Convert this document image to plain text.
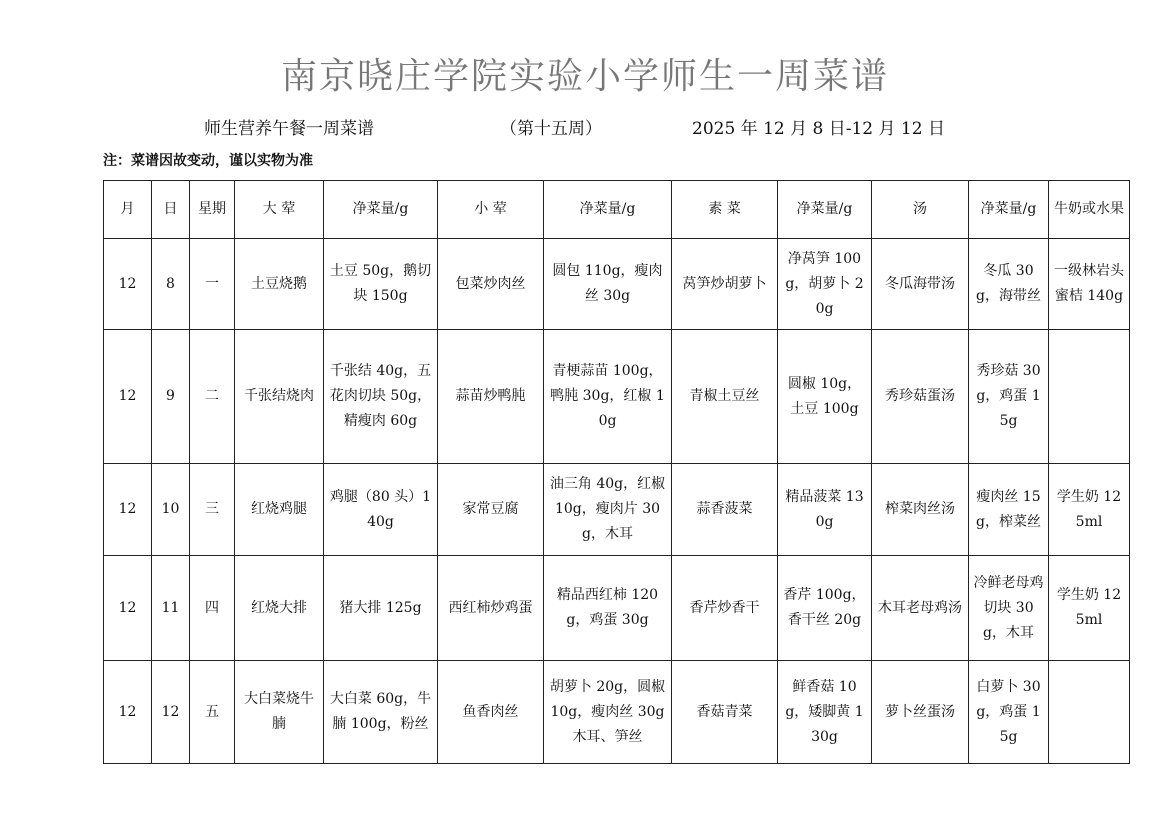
南京晓庄学院实验小学师生一周菜谱
师生营养午餐一周菜谱	（第十五周）	2025 年 12 月 8 日-12 月 12 日
注：菜谱因故变动，谨以实物为准
月	日	星期	大 荤	净菜量/g	小 荤	净菜量/g	素 菜	净菜量/g	汤	净菜量/g	牛奶或水果
12	8	一	土豆烧鹅	土豆 50g，鹅切块 150g	包菜炒肉丝	圆包 110g，瘦肉丝 30g	莴笋炒胡萝卜	净莴笋 100g，胡萝卜 20g	冬瓜海带汤	冬瓜 30g，海带丝	一级林岩头蜜桔 140g
12	9	二	千张结烧肉	千张结 40g，五花肉切块 50g，精瘦肉 60g	蒜苗炒鸭肫	青梗蒜苗 100g，鸭肫 30g，红椒 10g	青椒土豆丝	圆椒 10g，土豆 100g	秀珍菇蛋汤	秀珍菇 30g，鸡蛋 15g	
12	10	三	红烧鸡腿	鸡腿（80 头）140g	家常豆腐	油三角 40g，红椒 10g，瘦肉片 30g，木耳	蒜香菠菜	精品菠菜 130g	榨菜肉丝汤	瘦肉丝 15g，榨菜丝	学生奶 125ml
12	11	四	红烧大排	猪大排 125g	西红柿炒鸡蛋	精品西红柿 120g，鸡蛋 30g	香芹炒香干	香芹 100g，香干丝 20g	木耳老母鸡汤	冷鲜老母鸡切块 30g，木耳	学生奶 125ml
12	12	五	大白菜烧牛腩	大白菜 60g，牛腩 100g，粉丝	鱼香肉丝	胡萝卜 20g，圆椒 10g，瘦肉丝 30g 木耳、笋丝	香菇青菜	鲜香菇 10g，矮脚黄 130g	萝卜丝蛋汤	白萝卜 30g，鸡蛋 15g	
